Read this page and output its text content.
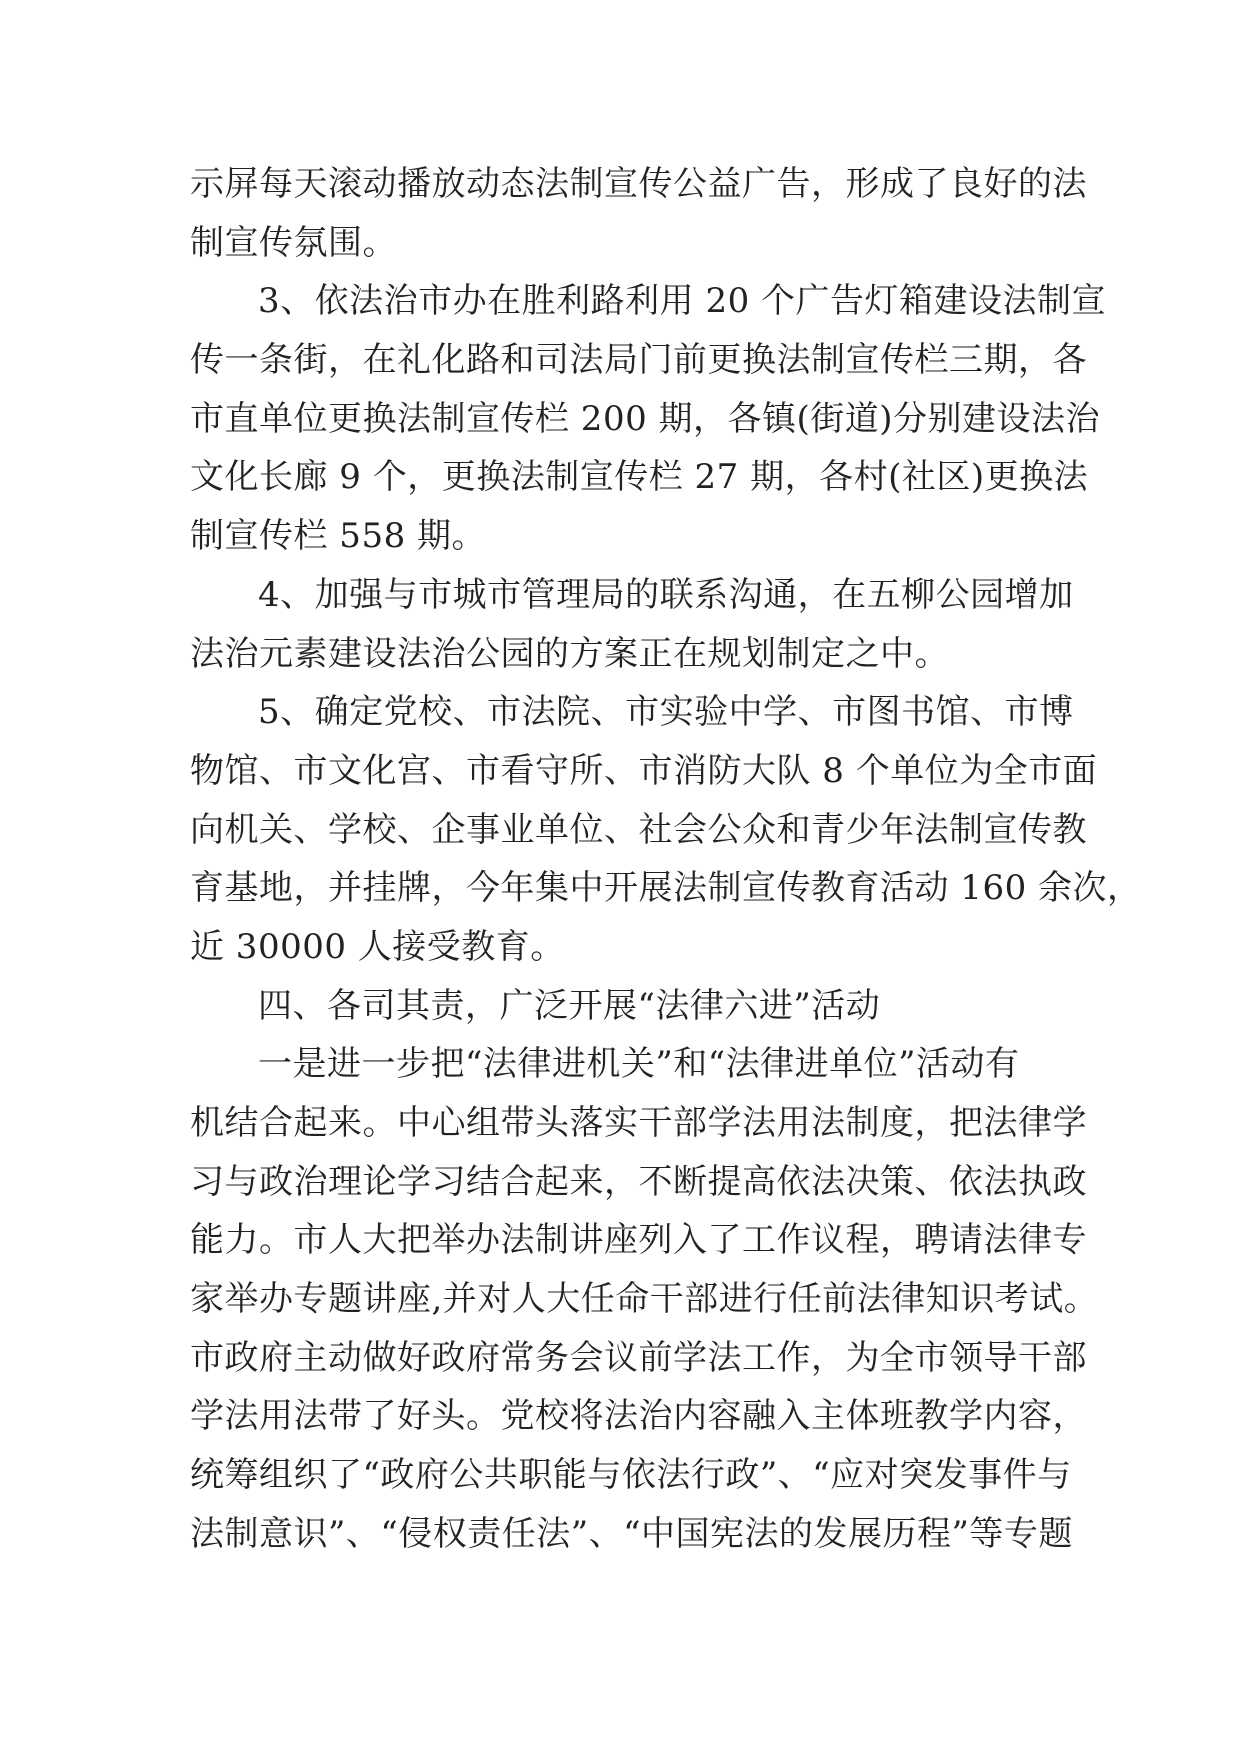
示屏每天滚动播放动态法制宣传公益广告，形成了良好的法
制宣传氛围。
3、依法治市办在胜利路利用 20 个广告灯箱建设法制宣
传一条街，在礼化路和司法局门前更换法制宣传栏三期，各
市直单位更换法制宣传栏 200 期，各镇(街道)分别建设法治
文化长廊 9 个，更换法制宣传栏 27 期，各村(社区)更换法
制宣传栏 558 期。
4、加强与市城市管理局的联系沟通，在五柳公园增加
法治元素建设法治公园的方案正在规划制定之中。
5、确定党校、市法院、市实验中学、市图书馆、市博
物馆、市文化宫、市看守所、市消防大队 8 个单位为全市面
向机关、学校、企事业单位、社会公众和青少年法制宣传教
育基地，并挂牌，今年集中开展法制宣传教育活动 160 余次，
近 30000 人接受教育。
四、各司其责，广泛开展“法律六进”活动
一是进一步把“法律进机关”和“法律进单位”活动有
机结合起来。中心组带头落实干部学法用法制度，把法律学
习与政治理论学习结合起来，不断提高依法决策、依法执政
能力。市人大把举办法制讲座列入了工作议程，聘请法律专
家举办专题讲座,并对人大任命干部进行任前法律知识考试。
市政府主动做好政府常务会议前学法工作，为全市领导干部
学法用法带了好头。党校将法治内容融入主体班教学内容，
统筹组织了“政府公共职能与依法行政”、“应对突发事件与
法制意识”、“侵权责任法”、“中国宪法的发展历程”等专题
